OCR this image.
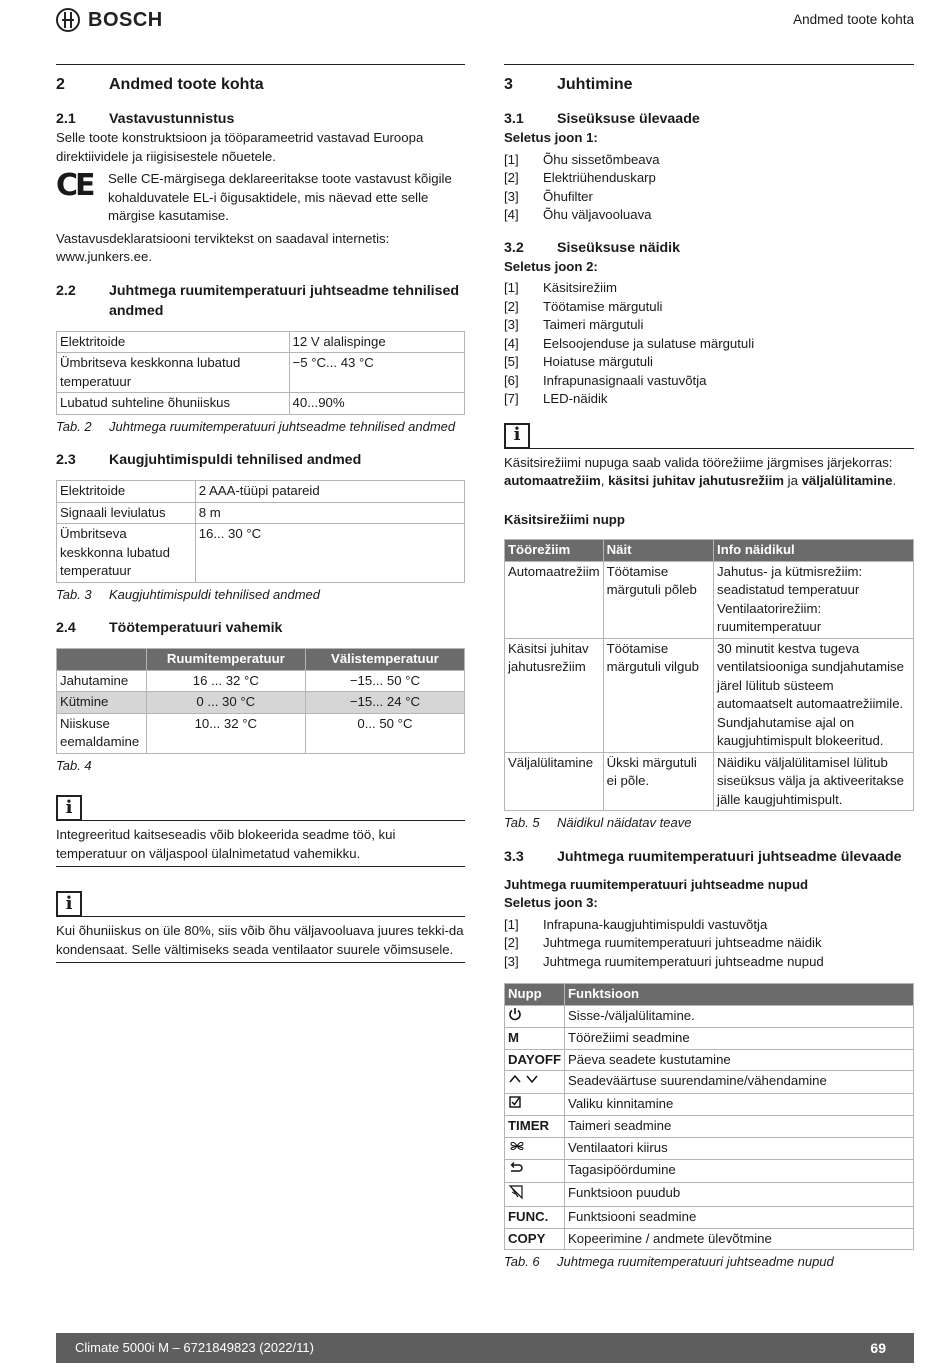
BOSCH	Andmed toote kohta
2	Andmed toote kohta
2.1	Vastavustunnistus

Selle toote konstruktsioon ja tööparameetrid vastavad Euroopa direktiividele ja riigisisestele nõuetele.

CE	Selle CE-märgisega deklareeritakse toote vastavust kõigile kohalduvatele EL-i õigusaktidele, mis näevad ette selle märgise kasutamise.

Vastavusdeklaratsiooni terviktekst on saadaval internetis:

www.junkers.ee.

2.2	Juhtmega ruumitemperatuuri juhtseadme tehnilised andmed
Elektritoide	12 V alalispinge
Ümbritseva keskkonna lubatud temperatuur	−5 °C... 43 °C
Lubatud suhteline õhuniiskus	40...90%
Tab. 2	Juhtmega ruumitemperatuuri juhtseadme tehnilised andmed
2.3	Kaugjuhtimispuldi tehnilised andmed
Elektritoide	2 AAA-tüüpi patareid
Signaali leviulatus	8 m
Ümbritseva keskkonna lubatud temperatuur	16... 30 °C
Tab. 3	Kaugjuhtimispuldi tehnilised andmed
2.4	Töötemperatuuri vahemik
	Ruumitemperatuur	Välistemperatuur
Jahutamine	16 ... 32 °C	−15... 50 °C
Kütmine	0 ... 30 °C	−15... 24 °C
Niiskuse eemaldamine	10... 32 °C	0... 50 °C
Tab. 4
i

Integreeritud kaitseseadis võib blokeerida seadme töö, kui temperatuur on väljaspool ülalnimetatud vahemikku.

i

Kui õhuniiskus on üle 80%, siis võib õhu väljavooluava juures tekki-da kondensaat. Selle vältimiseks seada ventilaator suurele võimsusele.

3	Juhtimine
3.1	Siseüksuse ülevaade

Seletus joon 1:

[1]	Õhu sissetõmbeava
[2]	Elektriühenduskarp
[3]	Õhufilter
[4]	Õhu väljavooluava
3.2	Siseüksuse näidik

Seletus joon 2:

[1]	Käsitsirežiim
[2]	Töötamise märgutuli
[3]	Taimeri märgutuli
[4]	Eelsoojenduse ja sulatuse märgutuli
[5]	Hoiatuse märgutuli
[6]	Infrapunasignaali vastuvõtja
[7]	LED-näidik
i

Käsitsirežiimi nupuga saab valida töörežiime järgmises järjekorras: automaatrežiim, käsitsi juhitav jahutusrežiim ja väljalülitamine.

Käsitsirežiimi nupp

Töörežiim	Näit	Info näidikul
Automaatrežiim	Töötamise märgutuli põleb	Jahutus- ja kütmisrežiim: seadistatud temperatuur Ventilaatorirežiim: ruumitemperatuur
Käsitsi juhitav jahutusrežiim	Töötamise märgutuli vilgub	30 minutit kestva tugeva ventilatsiooniga sundjahutamise järel lülitub süsteem automaatselt automaatrežiimile. Sundjahutamise ajal on kaugjuhtimispult blokeeritud.
Väljalülitamine	Ükski märgutuli ei põle.	Näidiku väljalülitamisel lülitub siseüksus välja ja aktiveeritakse jälle kaugjuhtimispult.
Tab. 5	Näidikul näidatav teave
3.3	Juhtmega ruumitemperatuuri juhtseadme ülevaade

Juhtmega ruumitemperatuuri juhtseadme nupud

Seletus joon 3:

[1]	Infrapuna-kaugjuhtimispuldi vastuvõtja
[2]	Juhtmega ruumitemperatuuri juhtseadme näidik
[3]	Juhtmega ruumitemperatuuri juhtseadme nupud
Nupp	Funktsioon
	Sisse-/väljalülitamine.
M	Töörežiimi seadmine
DAYOFF	Päeva seadete kustutamine
	Seadeväärtuse suurendamine/vähendamine
	Valiku kinnitamine
TIMER	Taimeri seadmine
	Ventilaatori kiirus
	Tagasipöördumine
	Funktsioon puudub
FUNC.	Funktsiooni seadmine
COPY	Kopeerimine / andmete ülevõtmine
Tab. 6	Juhtmega ruumitemperatuuri juhtseadme nupud
Climate 5000i M – 6721849823 (2022/11)	69
